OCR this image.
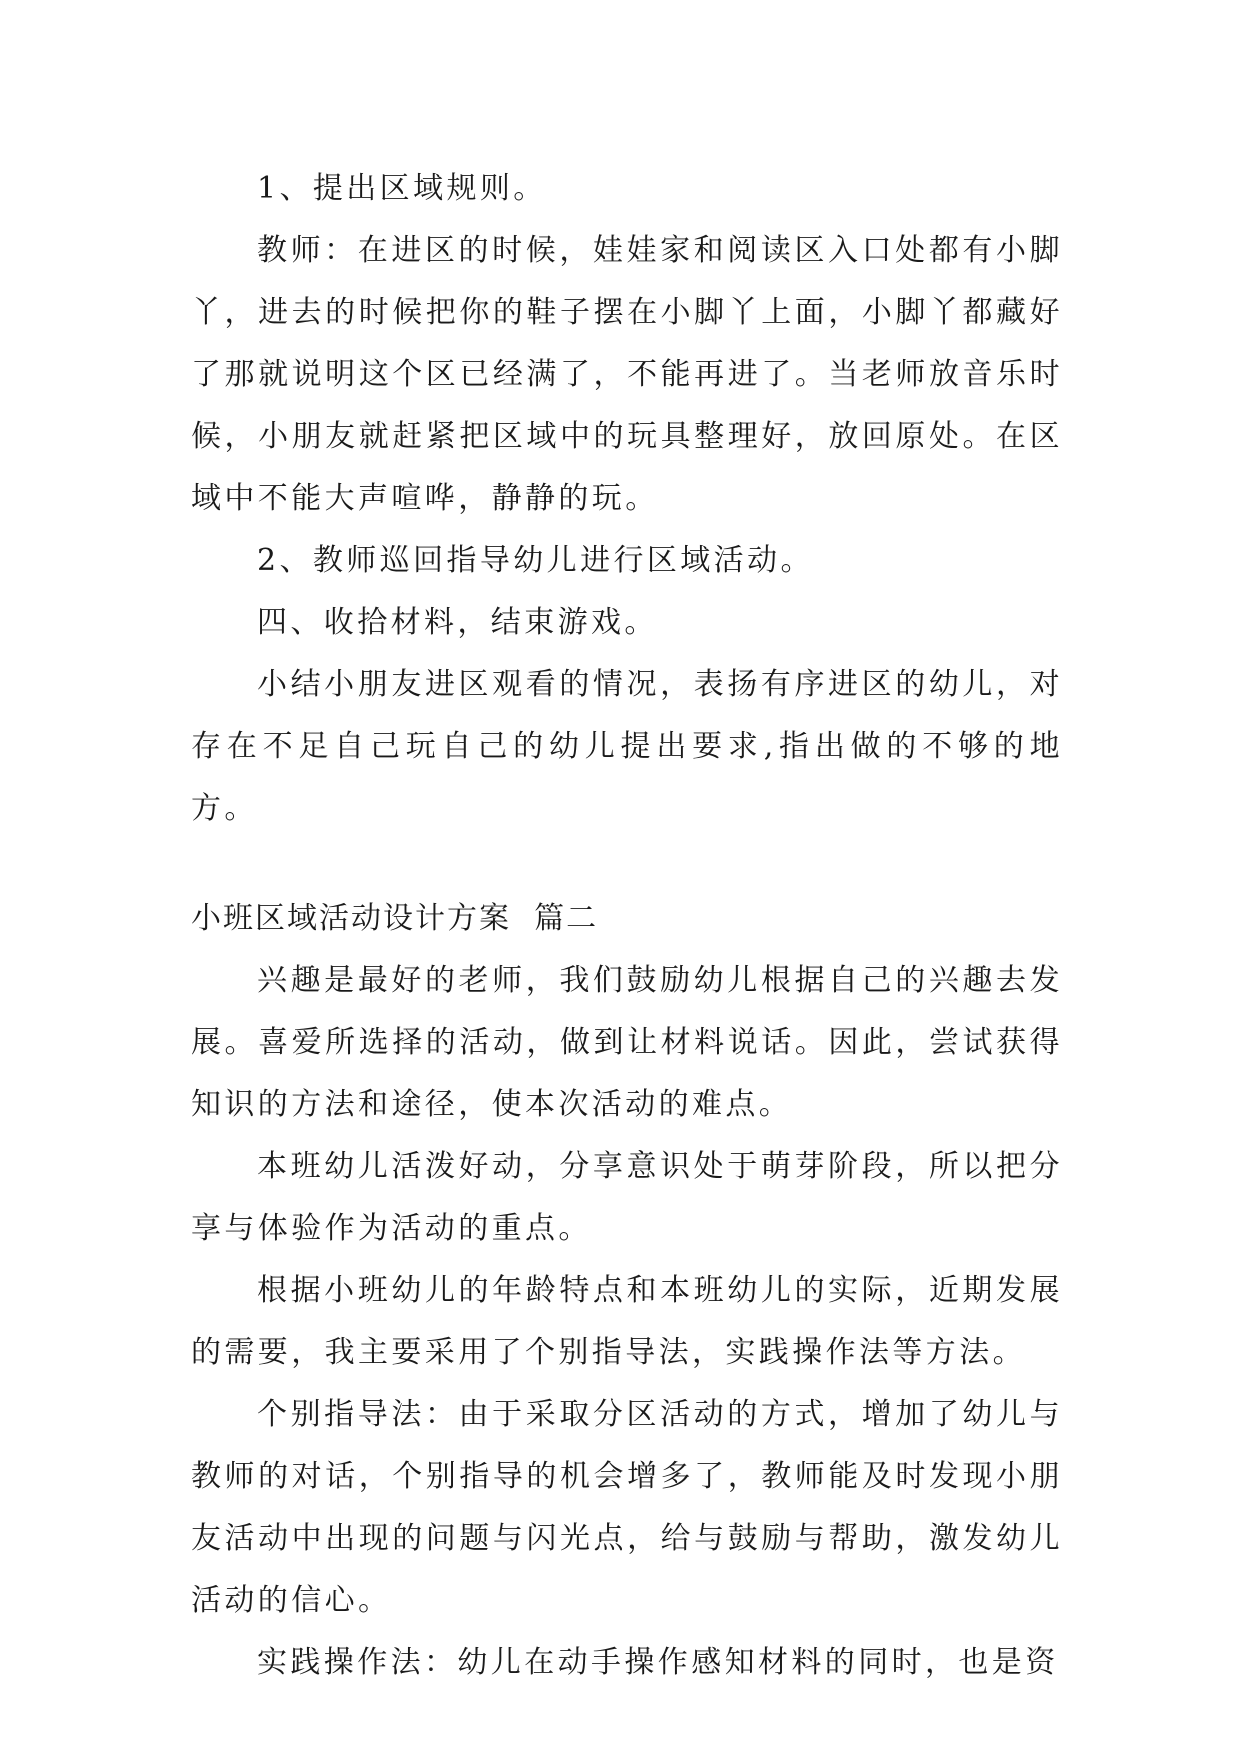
1、提出区域规则。

教师：在进区的时候，娃娃家和阅读区入口处都有小脚丫，进去的时候把你的鞋子摆在小脚丫上面，小脚丫都藏好了那就说明这个区已经满了，不能再进了。当老师放音乐时候，小朋友就赶紧把区域中的玩具整理好，放回原处。在区域中不能大声喧哗，静静的玩。

2、教师巡回指导幼儿进行区域活动。

四、收拾材料，结束游戏。

小结小朋友进区观看的情况，表扬有序进区的幼儿，对存在不足自己玩自己的幼儿提出要求,指出做的不够的地方。

小班区域活动设计方案  篇二

兴趣是最好的老师，我们鼓励幼儿根据自己的兴趣去发展。喜爱所选择的活动，做到让材料说话。因此，尝试获得知识的方法和途径，使本次活动的难点。

本班幼儿活泼好动，分享意识处于萌芽阶段，所以把分享与体验作为活动的重点。

根据小班幼儿的年龄特点和本班幼儿的实际，近期发展的需要，我主要采用了个别指导法，实践操作法等方法。

个别指导法：由于采取分区活动的方式，增加了幼儿与教师的对话，个别指导的机会增多了，教师能及时发现小朋友活动中出现的问题与闪光点，给与鼓励与帮助，激发幼儿活动的信心。

实践操作法：幼儿在动手操作感知材料的同时，也是资
